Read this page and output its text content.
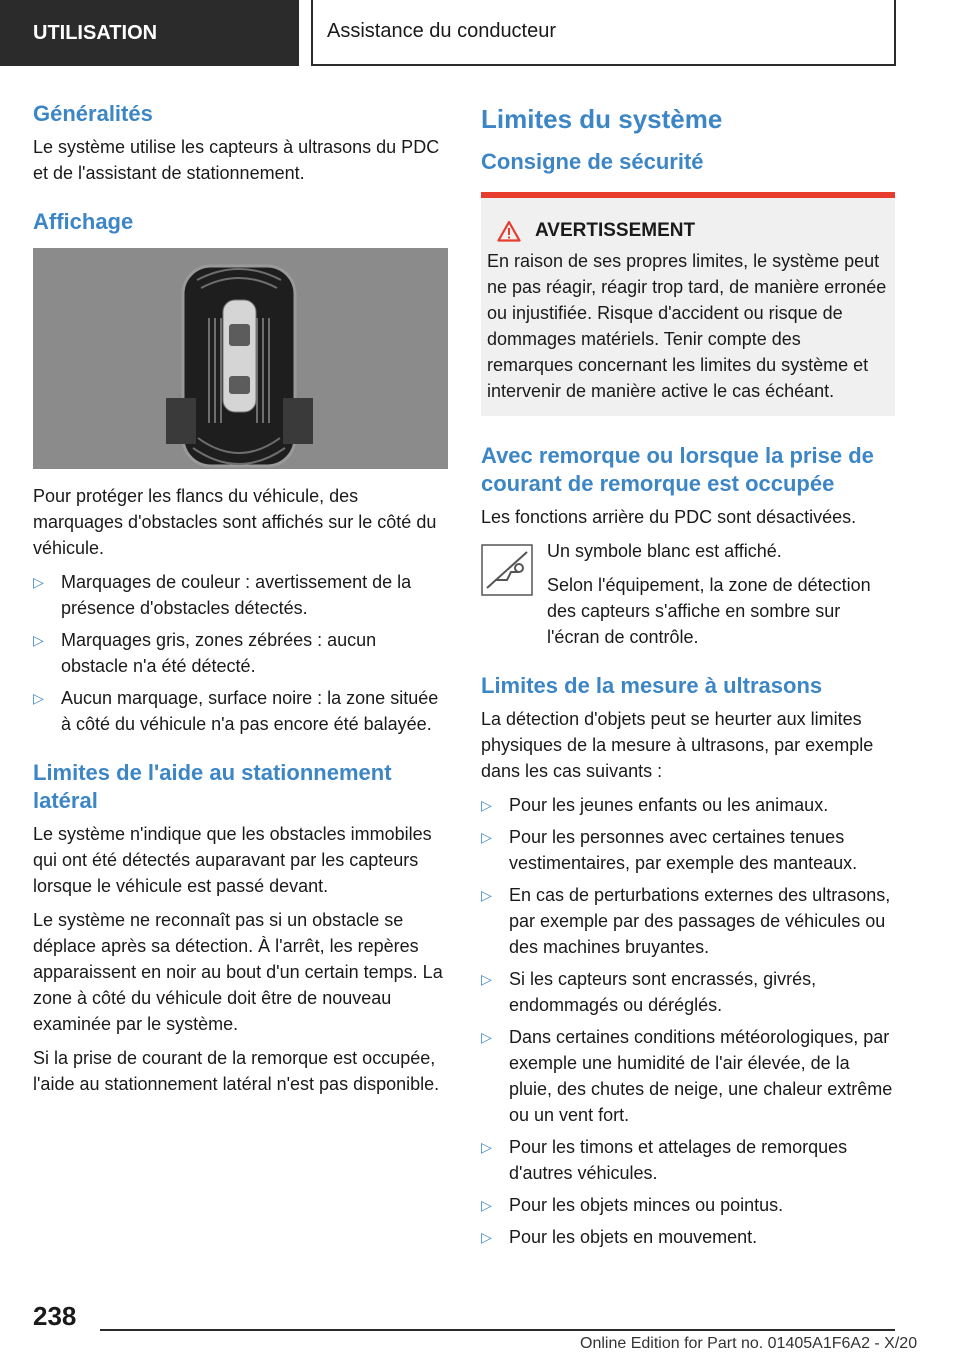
UTILISATION	Assistance du conducteur
Généralités

Le système utilise les capteurs à ultrasons du PDC et de l'assistant de stationnement.

Affichage

Pour protéger les flancs du véhicule, des marquages d'obstacles sont affichés sur le côté du véhicule.

▷ Marquages de couleur : avertissement de la présence d'obstacles détectés.
▷ Marquages gris, zones zébrées : aucun obstacle n'a été détecté.
▷ Aucun marquage, surface noire : la zone située à côté du véhicule n'a pas encore été balayée.
Limites de l'aide au stationnement latéral

Le système n'indique que les obstacles immobiles qui ont été détectés auparavant par les capteurs lorsque le véhicule est passé devant.

Le système ne reconnaît pas si un obstacle se déplace après sa détection. À l'arrêt, les repères apparaissent en noir au bout d'un certain temps. La zone à côté du véhicule doit être de nouveau examinée par le système.

Si la prise de courant de la remorque est occupée, l'aide au stationnement latéral n'est pas disponible.

Limites du système
Consigne de sécurité
AVERTISSEMENT

En raison de ses propres limites, le système peut ne pas réagir, réagir trop tard, de manière erronée ou injustifiée. Risque d'accident ou risque de dommages matériels. Tenir compte des remarques concernant les limites du système et intervenir de manière active le cas échéant.

Avec remorque ou lorsque la prise de courant de remorque est occupée

Les fonctions arrière du PDC sont désactivées.

Un symbole blanc est affiché.

Selon l'équipement, la zone de détection des capteurs s'affiche en sombre sur l'écran de contrôle.

Limites de la mesure à ultrasons

La détection d'objets peut se heurter aux limites physiques de la mesure à ultrasons, par exemple dans les cas suivants :

▷ Pour les jeunes enfants ou les animaux.
▷ Pour les personnes avec certaines tenues vestimentaires, par exemple des manteaux.
▷ En cas de perturbations externes des ultrasons, par exemple par des passages de véhicules ou des machines bruyantes.
▷ Si les capteurs sont encrassés, givrés, endommagés ou déréglés.
▷ Dans certaines conditions météorologiques, par exemple une humidité de l'air élevée, de la pluie, des chutes de neige, une chaleur extrême ou un vent fort.
▷ Pour les timons et attelages de remorques d'autres véhicules.
▷ Pour les objets minces ou pointus.
▷ Pour les objets en mouvement.
238
Online Edition for Part no. 01405A1F6A2 - X/20
